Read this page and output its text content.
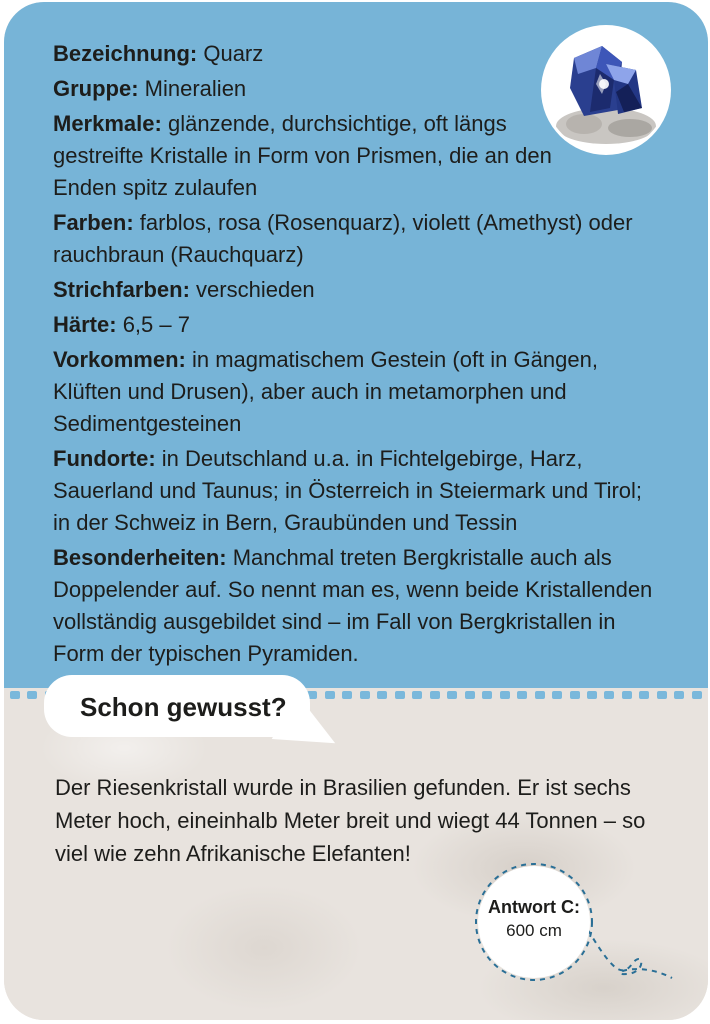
Bezeichnung: Quarz
Gruppe: Mineralien
Merkmale: glänzende, durchsichtige, oft längs gestreifte Kristalle in Form von Prismen, die an den Enden spitz zulaufen
Farben: farblos, rosa (Rosenquarz), violett (Amethyst) oder rauchbraun (Rauchquarz)
Strichfarben: verschieden
Härte: 6,5 – 7
Vorkommen: in magmatischem Gestein (oft in Gängen, Klüften und Drusen), aber auch in metamorphen und Sedimentgesteinen
Fundorte: in Deutschland u.a. in Fichtelgebirge, Harz, Sauerland und Taunus; in Österreich in Steiermark und Tirol; in der Schweiz in Bern, Graubünden und Tessin
Besonderheiten: Manchmal treten Bergkristalle auch als Doppelender auf. So nennt man es, wenn beide Kristallenden vollständig ausgebildet sind – im Fall von Bergkristallen in Form der typischen Pyramiden.
Schon gewusst?
Der Riesenkristall wurde in Brasilien gefunden. Er ist sechs Meter hoch, eineinhalb Meter breit und wiegt 44 Tonnen – so viel wie zehn Afrikanische Elefanten!
Antwort C:
600 cm
